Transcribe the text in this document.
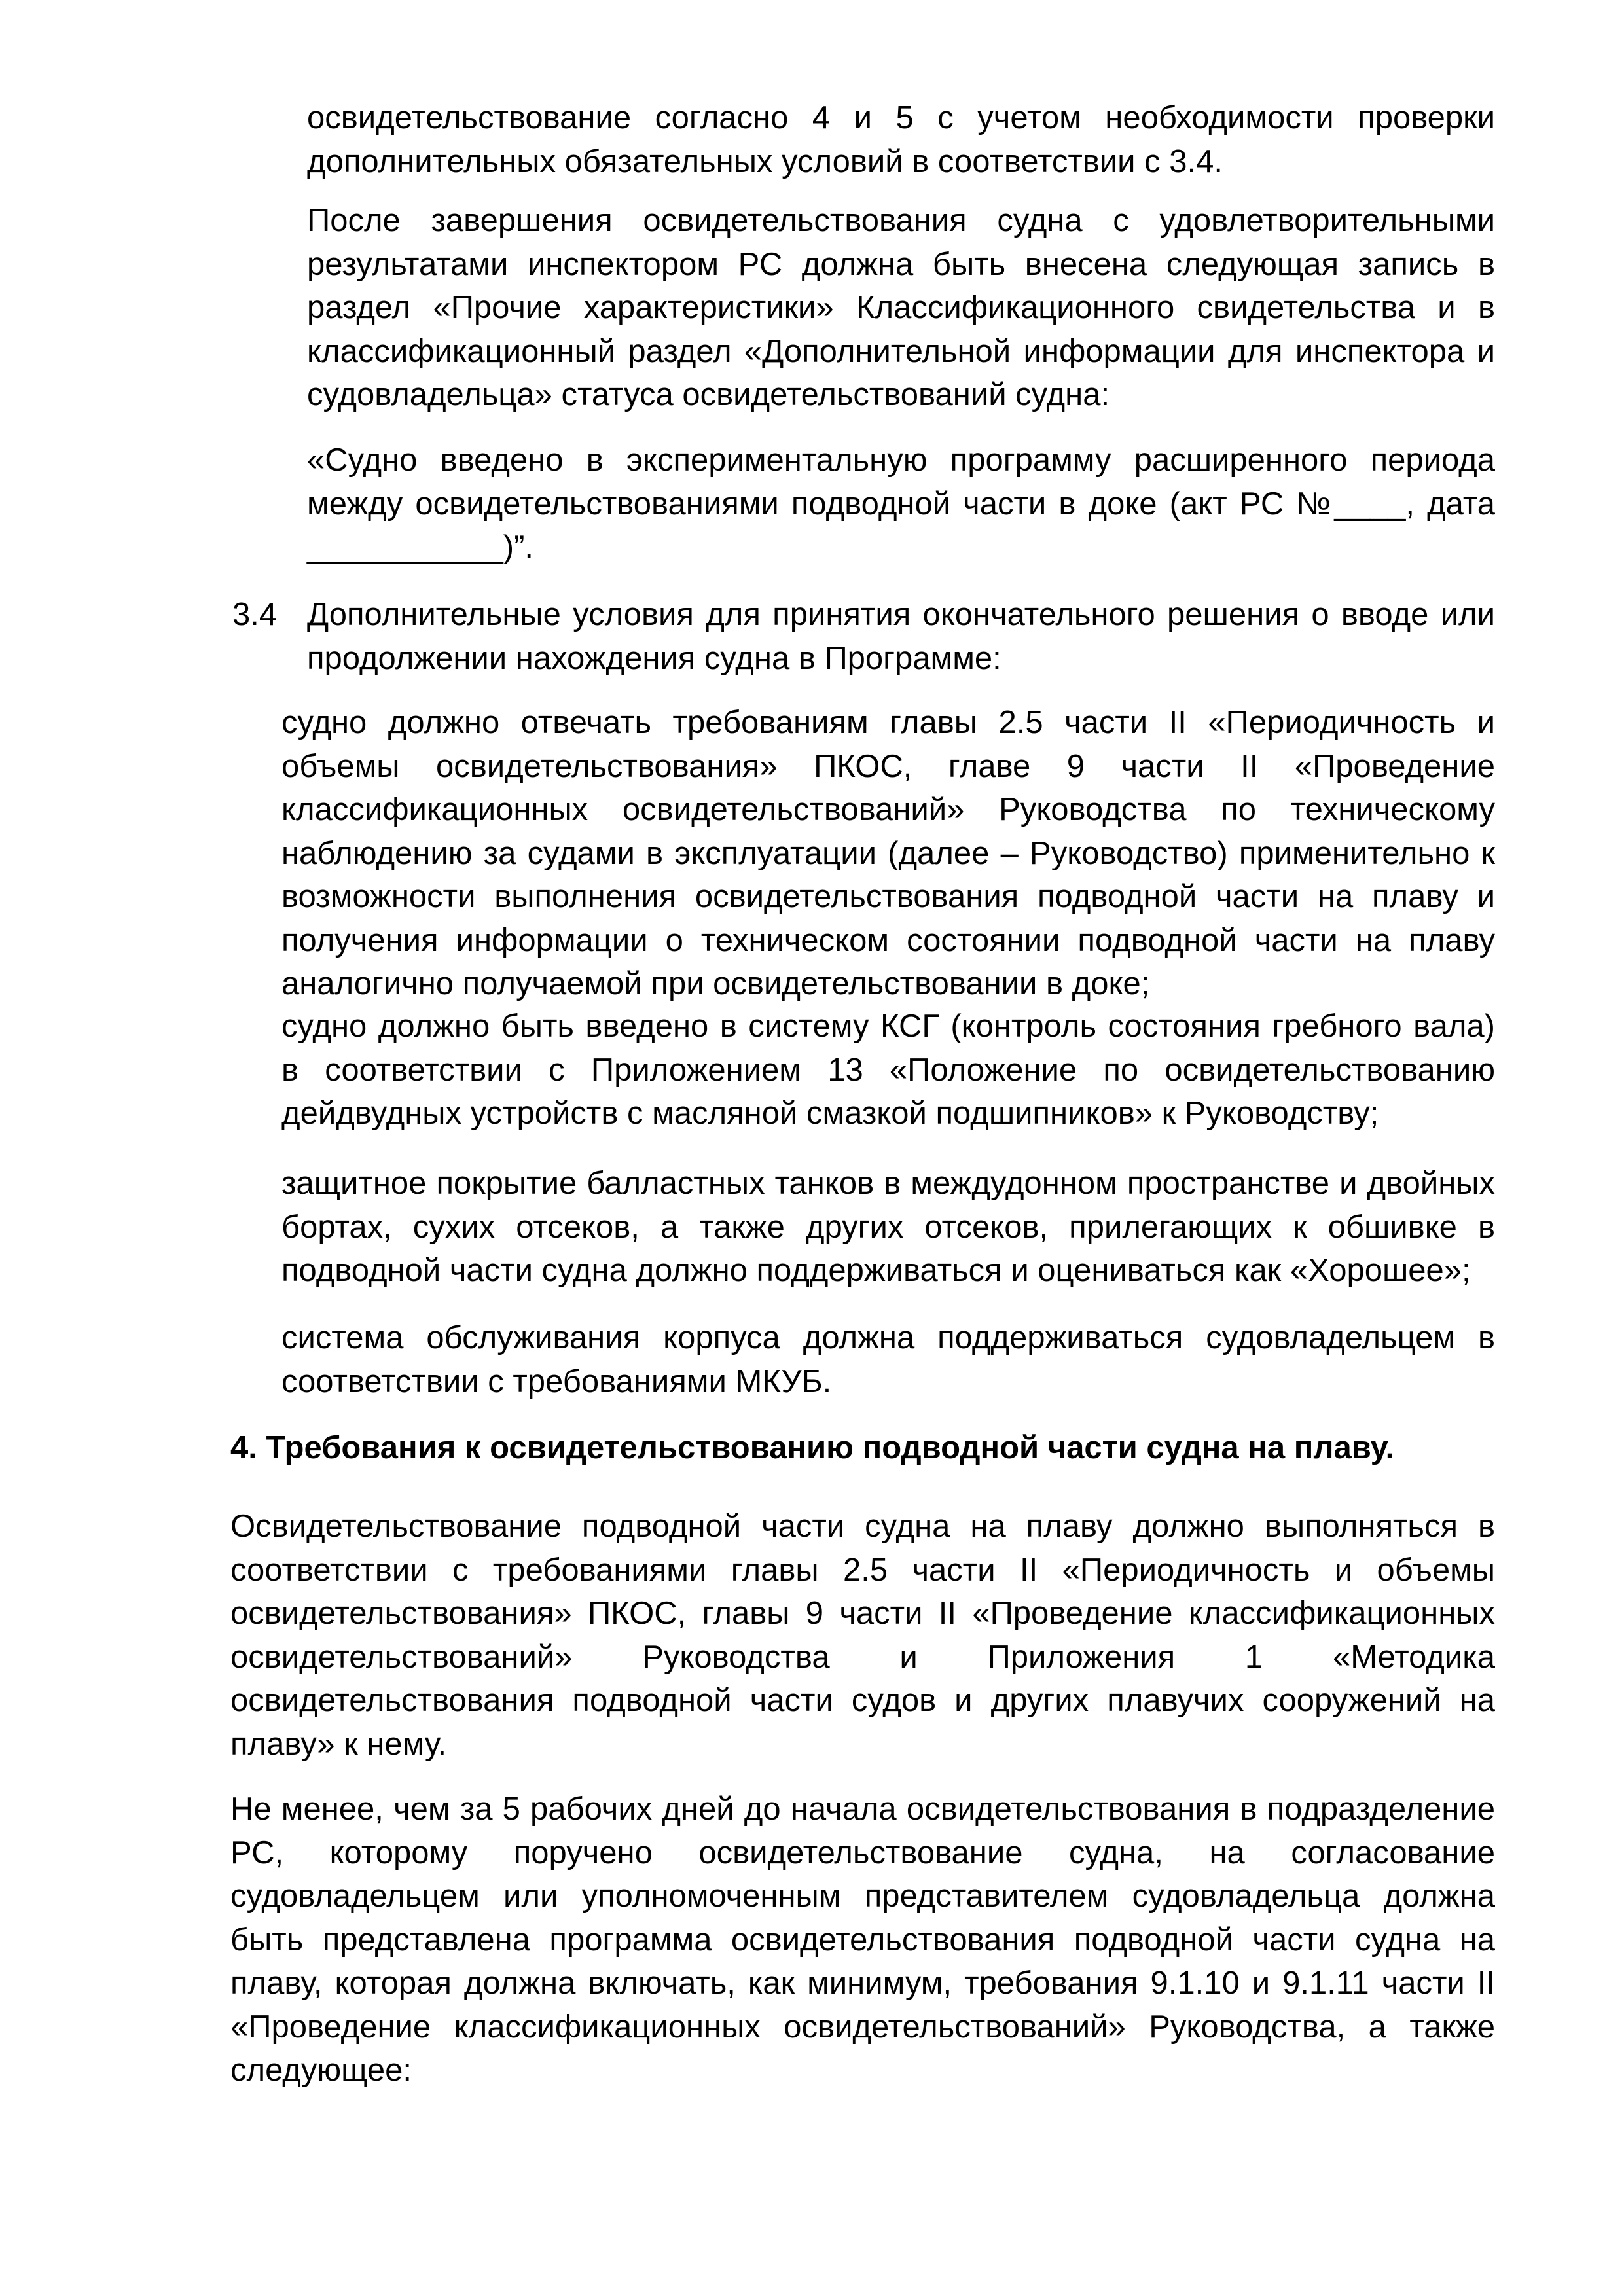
освидетельствование согласно 4 и 5 с учетом необходимости проверки дополнительных обязательных условий в соответствии с 3.4.

После завершения освидетельствования судна с удовлетворительными результатами инспектором РС должна быть внесена следующая запись в раздел «Прочие характеристики» Классификационного свидетельства и в классификационный раздел «Дополнительной информации для инспектора и судовладельца» статуса освидетельствований судна:

«Судно введено в экспериментальную программу расширенного периода между освидетельствованиями подводной части в доке (акт РС №____, дата ___________)”.

3.4 Дополнительные условия для принятия окончательного решения о вводе или продолжении нахождения судна в Программе:

судно должно отвечать требованиям главы 2.5 части II «Периодичность и объемы освидетельствования» ПКОС, главе 9 части II «Проведение классификационных освидетельствований» Руководства по техническому наблюдению за судами в эксплуатации (далее – Руководство) применительно к возможности выполнения освидетельствования подводной части на плаву и получения информации о техническом состоянии подводной части на плаву аналогично получаемой при освидетельствовании в доке;

судно должно быть введено в систему КСГ (контроль состояния гребного вала) в соответствии с Приложением 13 «Положение по освидетельствованию дейдвудных устройств с масляной смазкой подшипников» к Руководству;

защитное покрытие балластных танков в междудонном пространстве и двойных бортах, сухих отсеков, а также других отсеков, прилегающих к обшивке в подводной части судна должно поддерживаться и оцениваться как «Хорошее»;

система обслуживания корпуса должна поддерживаться судовладельцем в соответствии с требованиями МКУБ.

4. Требования к освидетельствованию подводной части судна на плаву.

Освидетельствование подводной части судна на плаву должно выполняться в соответствии с требованиями главы 2.5 части II «Периодичность и объемы освидетельствования» ПКОС, главы 9 части II «Проведение классификационных освидетельствований» Руководства и Приложения 1 «Методика освидетельствования подводной части судов и других плавучих сооружений на плаву» к нему.

Не менее, чем за 5 рабочих дней до начала освидетельствования в подразделение РС, которому поручено освидетельствование судна, на согласование судовладельцем или уполномоченным представителем судовладельца должна быть представлена программа освидетельствования подводной части судна на плаву, которая должна включать, как минимум, требования 9.1.10 и 9.1.11 части II «Проведение классификационных освидетельствований» Руководства, а также следующее:
